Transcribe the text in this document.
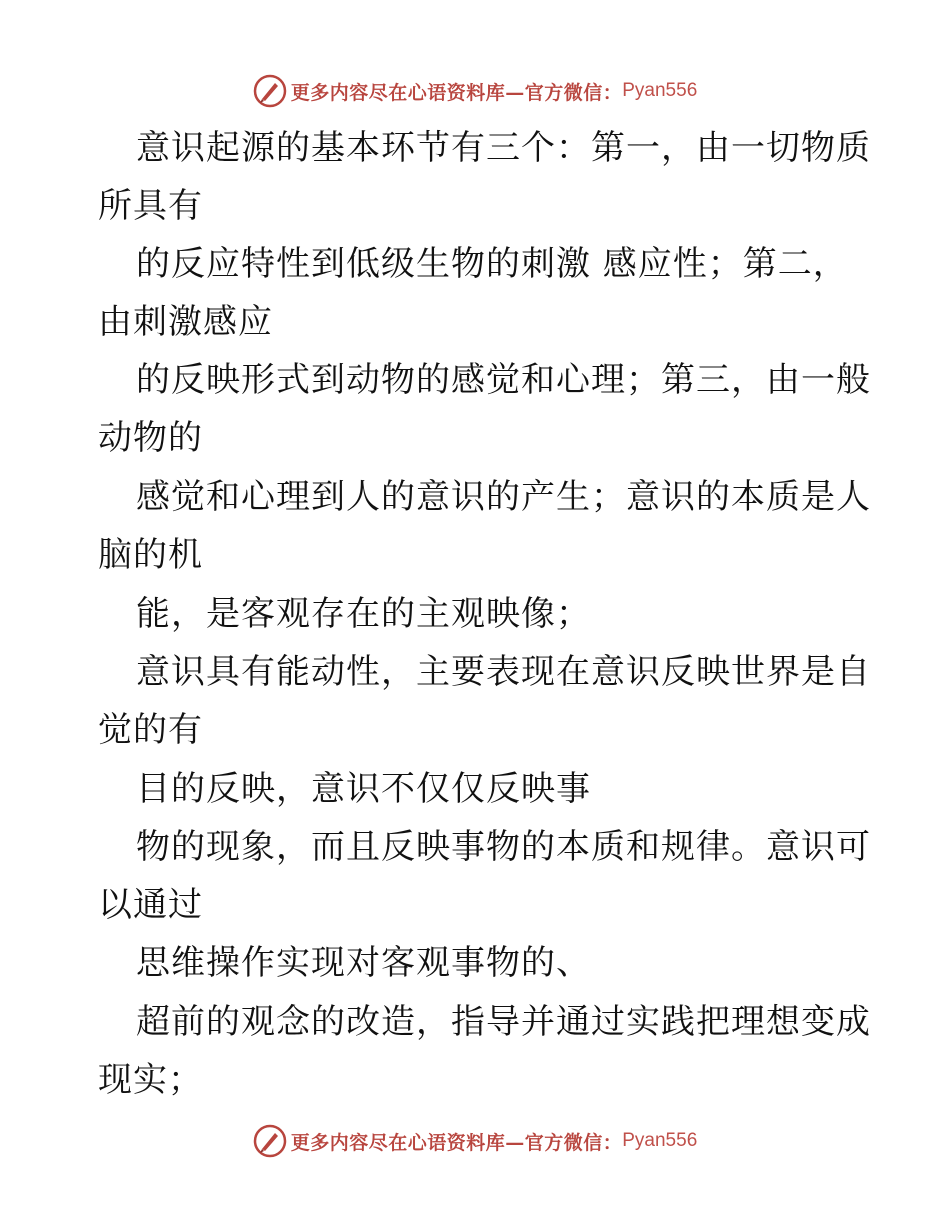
更多内容尽在心语资料库—官方微信： Pyan556
意识起源的基本环节有三个：第一，由一切物质
所具有
的反应特性到低级生物的刺激 感应性；第二，
由刺激感应
的反映形式到动物的感觉和心理；第三，由一般
动物的
感觉和心理到人的意识的产生；意识的本质是人
脑的机
能，是客观存在的主观映像；
意识具有能动性，主要表现在意识反映世界是自
觉的有
目的反映，意识不仅仅反映事
物的现象，而且反映事物的本质和规律。意识可
以通过
思维操作实现对客观事物的、
超前的观念的改造，指导并通过实践把理想变成
现实；
更多内容尽在心语资料库—官方微信： Pyan556
